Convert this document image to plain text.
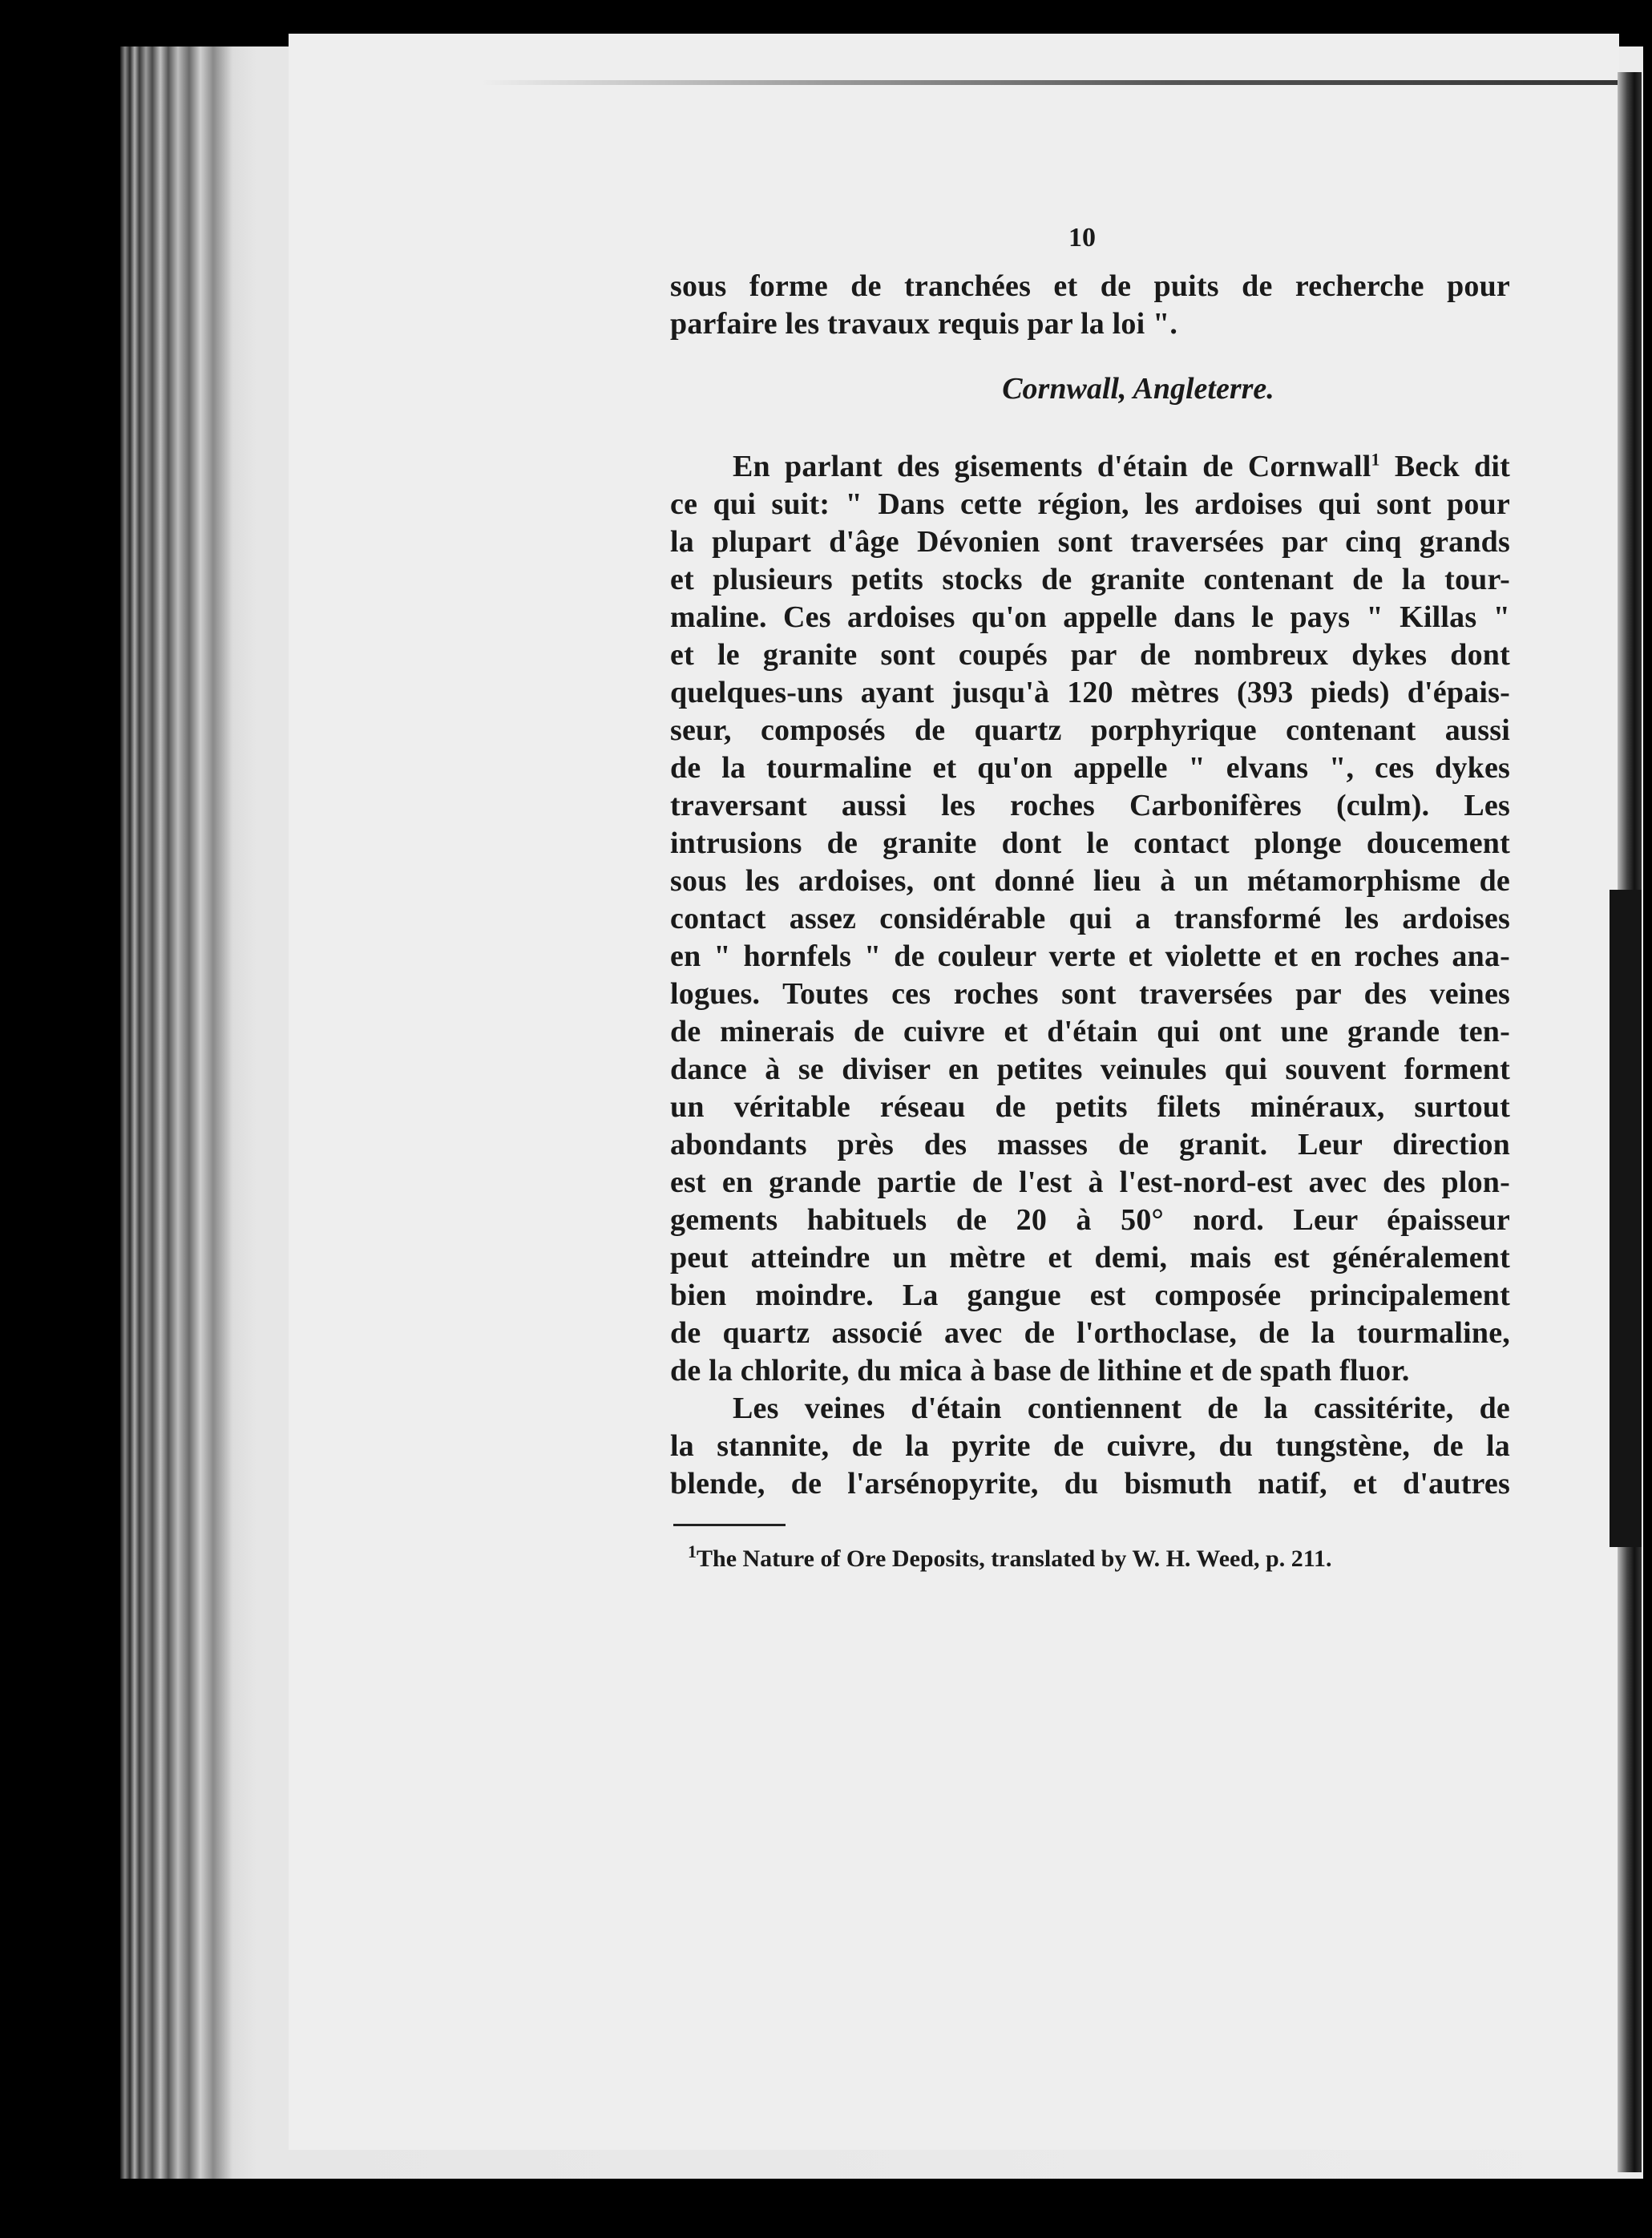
10
sous forme de tranchées et de puits de recherche pour
parfaire les travaux requis par la loi ".
Cornwall, Angleterre.
En parlant des gisements d'étain de Cornwall$^1$ Beck dit
ce qui suit: " Dans cette région, les ardoises qui sont pour
la plupart d'âge Dévonien sont traversées par cinq grands
et plusieurs petits stocks de granite contenant de la tour-
maline. Ces ardoises qu'on appelle dans le pays " Killas "
et le granite sont coupés par de nombreux dykes dont
quelques-uns ayant jusqu'à 120 mètres (393 pieds) d'épais-
seur, composés de quartz porphyrique contenant aussi
de la tourmaline et qu'on appelle " elvans ", ces dykes
traversant aussi les roches Carbonifères (culm). Les
intrusions de granite dont le contact plonge doucement
sous les ardoises, ont donné lieu à un métamorphisme de
contact assez considérable qui a transformé les ardoises
en " hornfels " de couleur verte et violette et en roches ana-
logues. Toutes ces roches sont traversées par des veines
de minerais de cuivre et d'étain qui ont une grande ten-
dance à se diviser en petites veinules qui souvent forment
un véritable réseau de petits filets minéraux, surtout
abondants près des masses de granit. Leur direction
est en grande partie de l'est à l'est-nord-est avec des plon-
gements habituels de 20 à 50° nord. Leur épaisseur
peut atteindre un mètre et demi, mais est généralement
bien moindre. La gangue est composée principalement
de quartz associé avec de l'orthoclase, de la tourmaline,
de la chlorite, du mica à base de lithine et de spath fluor.
Les veines d'étain contiennent de la cassitérite, de
la stannite, de la pyrite de cuivre, du tungstène, de la
blende, de l'arsénopyrite, du bismuth natif, et d'autres
$^1$The Nature of Ore Deposits, translated by W. H. Weed, p. 211.
